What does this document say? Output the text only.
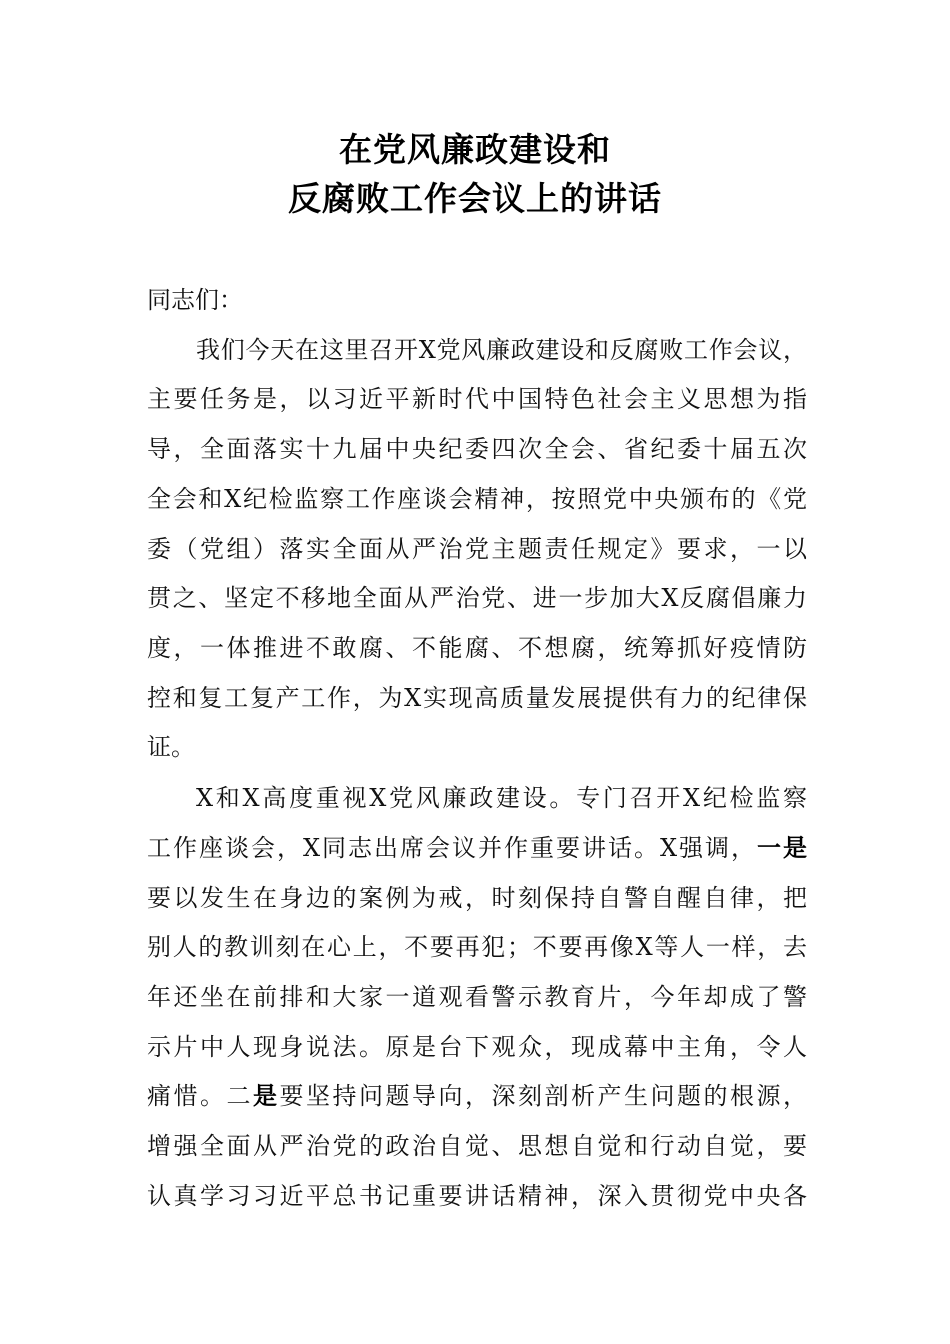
在党风廉政建设和
反腐败工作会议上的讲话
同志们：
我们今天在这里召开X党风廉政建设和反腐败工作会议，
主要任务是，以习近平新时代中国特色社会主义思想为指
导，全面落实十九届中央纪委四次全会、省纪委十届五次
全会和X纪检监察工作座谈会精神，按照党中央颁布的《党
委（党组）落实全面从严治党主题责任规定》要求，一以
贯之、坚定不移地全面从严治党、进一步加大X反腐倡廉力
度，一体推进不敢腐、不能腐、不想腐，统筹抓好疫情防
控和复工复产工作，为X实现高质量发展提供有力的纪律保
证。
X和X高度重视X党风廉政建设。专门召开X纪检监察
工作座谈会，X同志出席会议并作重要讲话。X强调，一是
要以发生在身边的案例为戒，时刻保持自警自醒自律，把
别人的教训刻在心上，不要再犯；不要再像X等人一样，去
年还坐在前排和大家一道观看警示教育片，今年却成了警
示片中人现身说法。原是台下观众，现成幕中主角，令人
痛惜。二是要坚持问题导向，深刻剖析产生问题的根源，
增强全面从严治党的政治自觉、思想自觉和行动自觉，要
认真学习习近平总书记重要讲话精神，深入贯彻党中央各
